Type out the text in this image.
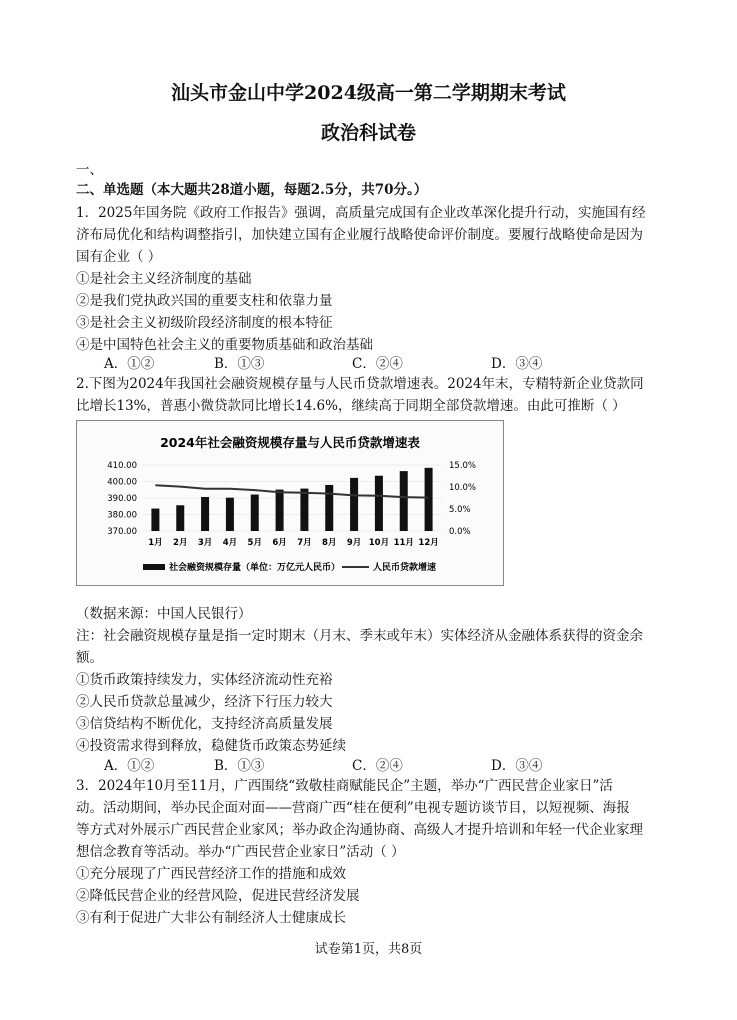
汕头市金山中学2024级高一第二学期期末考试
政治科试卷
一、
二、单选题（本大题共28道小题，每题2.5分，共70分。）
1．2025年国务院《政府工作报告》强调，高质量完成国有企业改革深化提升行动，实施国有经
济布局优化和结构调整指引，加快建立国有企业履行战略使命评价制度。要履行战略使命是因为
国有企业（ ）
①是社会主义经济制度的基础
②是我们党执政兴国的重要支柱和依靠力量
③是社会主义初级阶段经济制度的根本特征
④是中国特色社会主义的重要物质基础和政治基础
A．①②	B．①③	C．②④	D．③④
2.下图为2024年我国社会融资规模存量与人民币贷款增速表。2024年末，专精特新企业贷款同
比增长13%，普惠小微贷款同比增长14.6%，继续高于同期全部贷款增速。由此可推断（ ）
2024年社会融资规模存量与人民币贷款增速表
410.00
400.00
390.00
380.00
370.00
15.0%
10.0%
5.0%
0.0%
1月 2月 3月 4月 5月 6月 7月 8月 9月 10月 11月 12月
社会融资规模存量（单位：万亿元人民币）	人民币贷款增速
（数据来源：中国人民银行）
注：社会融资规模存量是指一定时期末（月末、季末或年末）实体经济从金融体系获得的资金余
额。
①货币政策持续发力，实体经济流动性充裕
②人民币贷款总量减少，经济下行压力较大
③信贷结构不断优化，支持经济高质量发展
④投资需求得到释放，稳健货币政策态势延续
A．①②	B．①③	C．②④	D．③④
3．2024年10月至11月，广西围绕“致敬桂商赋能民企”主题，举办“广西民营企业家日”活
动。活动期间，举办民企面对面——营商广西“桂在便利”电视专题访谈节目，以短视频、海报
等方式对外展示广西民营企业家风；举办政企沟通协商、高级人才提升培训和年轻一代企业家理
想信念教育等活动。举办“广西民营企业家日”活动（ ）
①充分展现了广西民营经济工作的措施和成效
②降低民营企业的经营风险，促进民营经济发展
③有利于促进广大非公有制经济人士健康成长
试卷第1页，共8页
